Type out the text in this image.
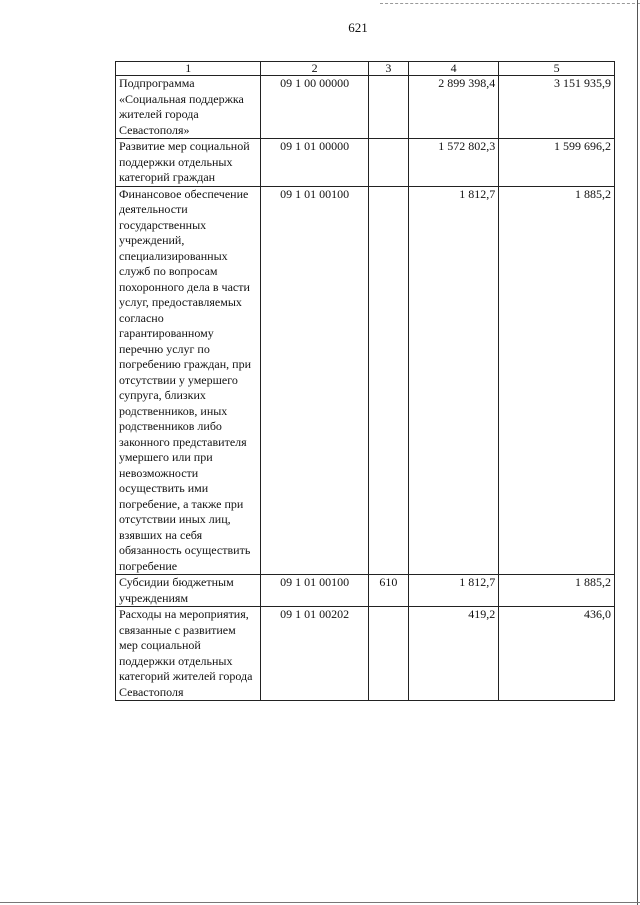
621
1	2	3	4	5
Подпрограмма «Социальная поддержка жителей города Севастополя»	09 1 00 00000		2 899 398,4	3 151 935,9
Развитие мер социальной поддержки отдельных категорий граждан	09 1 01 00000		1 572 802,3	1 599 696,2
Финансовое обеспечение деятельности государственных учреждений, специализированных служб по вопросам похоронного дела в части услуг, предоставляемых согласно гарантированному перечню услуг по погребению граждан, при отсутствии у умершего супруга, близких родственников, иных родственников либо законного представителя умершего или при невозможности осуществить ими погребение, а также при отсутствии иных лиц, взявших на себя обязанность осуществить погребение	09 1 01 00100		1 812,7	1 885,2
Субсидии бюджетным учреждениям	09 1 01 00100	610	1 812,7	1 885,2
Расходы на мероприятия, связанные с развитием мер социальной поддержки отдельных категорий жителей города Севастополя	09 1 01 00202		419,2	436,0
